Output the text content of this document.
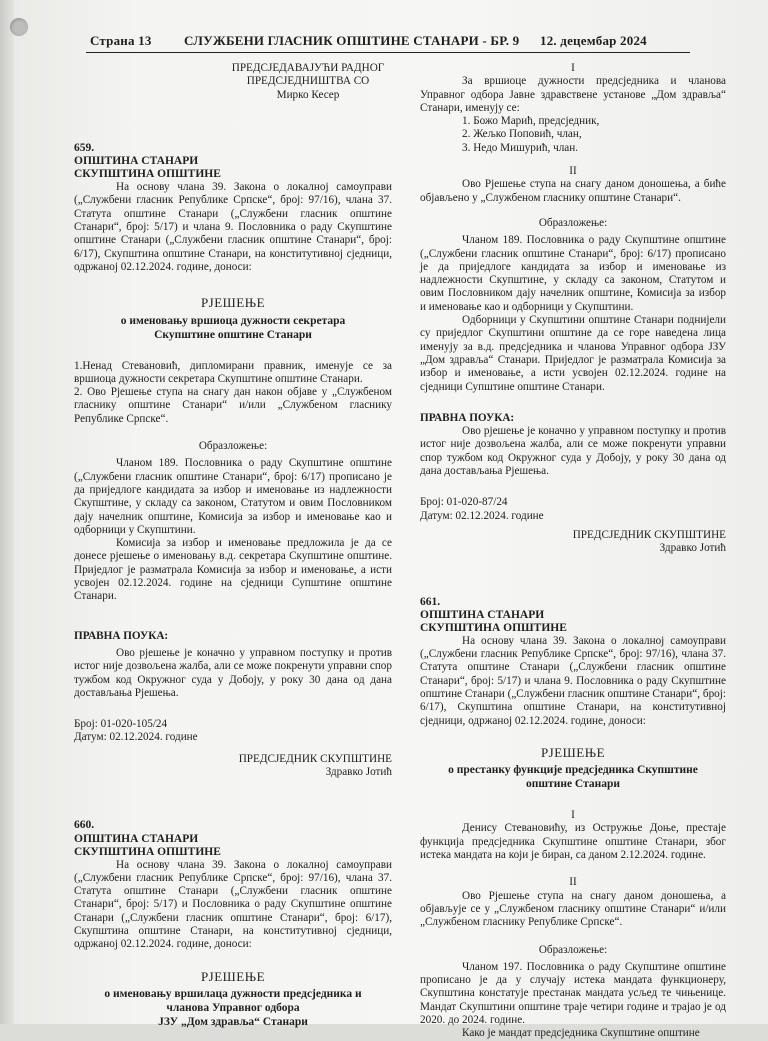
Страна 13 СЛУЖБЕНИ ГЛАСНИК ОПШТИНЕ СТАНАРИ - БР. 9 12. децембар 2024

ПРЕДСЈЕДАВАЈУЋИ РАДНОГ

ПРЕДСЈЕДНИШТВА СО

Мирко Кесер

659.

ОПШТИНА СТАНАРИ

СКУПШТИНА ОПШТИНЕ

На основу члана 39. Закона о локалној самоуправи („Службени гласник Републике Српске“, број: 97/16), члана 37. Статута општине Станари („Службени гласник општине Станари“, број: 5/17) и члана 9. Пословника о раду Скупштине општине Станари („Службени гласник општине Станари“, број: 6/17), Скупштина општине Станари, на конститутивној сједници, одржаној 02.12.2024. године, доноси:

РЈЕШЕЊЕ

о именовању вршиоца дужности секретара

Скупштине општине Станари

1.Ненад Стевановић, дипломирани правник, именује се за вршиоца дужности секретара Скупштине општине Станари.

2. Ово Рјешење ступа на снагу дан након објаве у „Службеном гласнику општине Станари“ и/или „Службеном гласнику Републике Српске“.

Образложење:

Чланом 189. Пословника о раду Скупштине општине („Службени гласник општине Станари“, број: 6/17) прописано је да приједлоге кандидата за избор и именовање из надлежности Скупштине, у складу са законом, Статутом и овим Пословником дају начелник општине, Комисија за избор и именовање као и одборници у Скупштини.

Комисија за избор и именовање предложила је да се донесе рјешење о именовању в.д. секретара Скупштине општине. Приједлог је разматрала Комисија за избор и именовање, а исти усвојен 02.12.2024. године на сједници Супштине општине Станари.

ПРАВНА ПОУКА:

Ово рјешење је коначно у управном поступку и против истог није дозвољена жалба, али се може покренути управни спор тужбом код Окружног суда у Добоју, у року 30 дана од дана достављања Рјешења.

Број: 01-020-105/24

Датум: 02.12.2024. године

ПРЕДСЈЕДНИК СКУПШТИНЕ

Здравко Јотић

660.

ОПШТИНА СТАНАРИ

СКУПШТИНА ОПШТИНЕ

На основу члана 39. Закона о локалној самоуправи („Службени гласник Републике Српске“, број: 97/16), члана 37. Статута општине Станари („Службени гласник општине Станари“, број: 5/17) и Пословника о раду Скупштине општине Станари („Службени гласник општине Станари“, број: 6/17), Скупштина општине Станари, на конститутивној сједници, одржаној 02.12.2024. године, доноси:

РЈЕШЕЊЕ

о именовању вршилаца дужности предсједника и

чланова Управног одбора

ЈЗУ „Дом здравља“ Станари

I

За вршиоце дужности предсједника и чланова Управног одбора Јавне здравствене установе „Дом здравља“ Станари, именују се:

1. Божо Марић, предсједник,

2. Жељко Поповић, члан,

3. Недо Мишурић, члан.

II

Ово Рјешење ступа на снагу даном доношења, а биће објављено у „Службеном гласнику општине Станари“.

Образложење:

Чланом 189. Пословника о раду Скупштине општине („Службени гласник општине Станари“, број: 6/17) прописано је да приједлоге кандидата за избор и именовање из надлежности Скупштине, у складу са законом, Статутом и овим Пословником дају начелник општине, Комисија за избор и именовање као и одборници у Скупштини.

Одборници у Скупштини општине Станари поднијели су приједлог Скупштини општине да се горе наведена лица именују за в.д. предсједника и чланова Управног одбора ЈЗУ „Дом здравља“ Станари. Приједлог је разматрала Комисија за избор и именовање, а исти усвојен 02.12.2024. године на сједници Супштине општине Станари.

ПРАВНА ПОУКА:

Ово рјешење је коначно у управном поступку и против истог није дозвољена жалба, али се може покренути управни спор тужбом код Окружног суда у Добоју, у року 30 дана од дана достављања Рјешења.

Број: 01-020-87/24

Датум: 02.12.2024. године

ПРЕДСЈЕДНИК СКУПШТИНЕ

Здравко Јотић

661.

ОПШТИНА СТАНАРИ

СКУПШТИНА ОПШТИНЕ

На основу члана 39. Закона о локалној самоуправи („Службени гласник Републике Српске“, број: 97/16), члана 37. Статута општине Станари („Службени гласник општине Станари“, број: 5/17) и члана 9. Пословника о раду Скупштине општине Станари („Службени гласник општине Станари“, број: 6/17), Скупштина општине Станари, на конститутивној сједници, одржаној 02.12.2024. године, доноси:

РЈЕШЕЊЕ

о престанку функције предсједника Скупштине

општине Станари

I

Денису Стевановићу, из Остружње Доње, престаје функција предсједника Скупштине општине Станари, због истека мандата на који је биран, са даном 2.12.2024. године.

II

Ово Рјешење ступа на снагу даном доношења, а објављује се у „Службеном гласнику општине Станари“ и/или „Службеном гласнику Републике Српске“.

Образложење:

Чланом 197. Пословника о раду Скупштине општине прописано је да у случају истека мандата функционеру, Скупштина констатује престанак мандата усљед те чињенице. Мандат Скупштини општине траје четири године и трајао је од 2020. до 2024. године.

Како је мандат предсједника Скупштине општине
